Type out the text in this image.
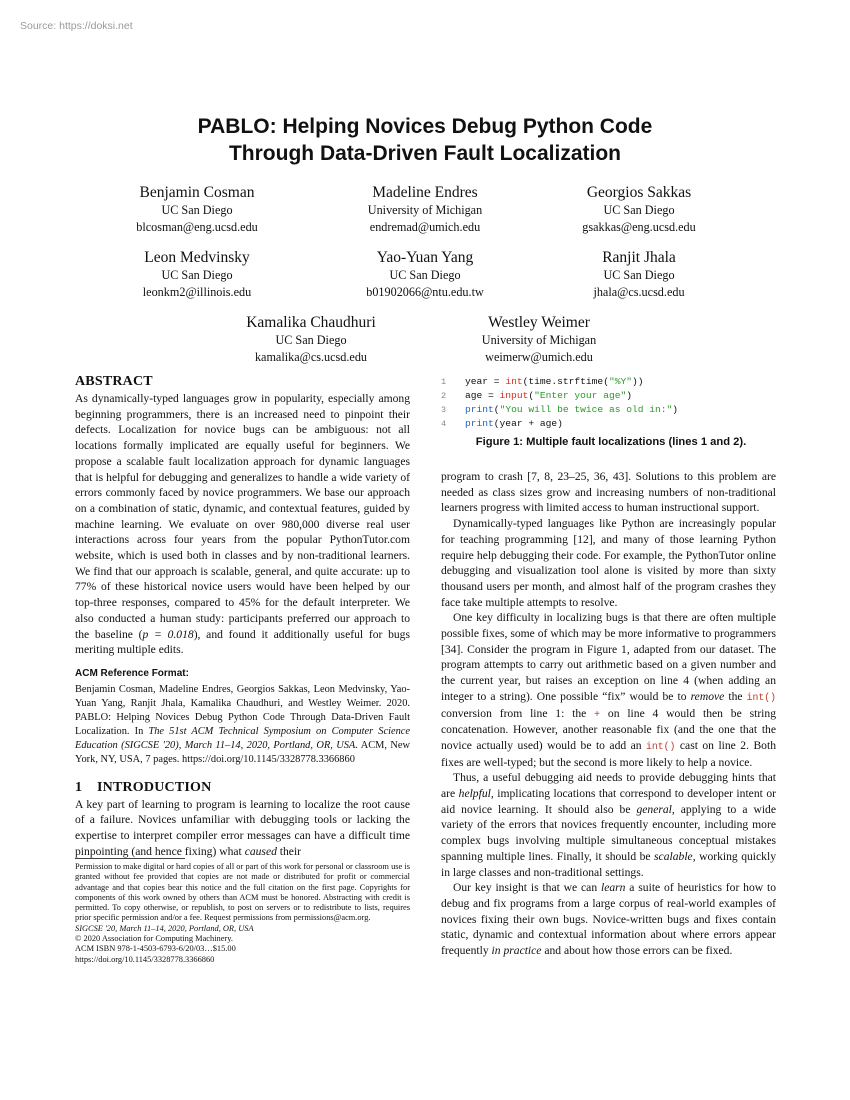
Source: https://doksi.net
PABLO: Helping Novices Debug Python Code
Through Data-Driven Fault Localization
Benjamin Cosman
UC San Diego
blcosman@eng.ucsd.edu
Madeline Endres
University of Michigan
endremad@umich.edu
Georgios Sakkas
UC San Diego
gsakkas@eng.ucsd.edu
Leon Medvinsky
UC San Diego
leonkm2@illinois.edu
Yao-Yuan Yang
UC San Diego
b01902066@ntu.edu.tw
Ranjit Jhala
UC San Diego
jhala@cs.ucsd.edu
Kamalika Chaudhuri
UC San Diego
kamalika@cs.ucsd.edu
Westley Weimer
University of Michigan
weimerw@umich.edu
ABSTRACT

As dynamically-typed languages grow in popularity, especially among beginning programmers, there is an increased need to pinpoint their defects. Localization for novice bugs can be ambiguous: not all locations formally implicated are equally useful for beginners. We propose a scalable fault localization approach for dynamic languages that is helpful for debugging and generalizes to handle a wide variety of errors commonly faced by novice programmers. We base our approach on a combination of static, dynamic, and contextual features, guided by machine learning. We evaluate on over 980,000 diverse real user interactions across four years from the popular PythonTutor.com website, which is used both in classes and by non-traditional learners. We find that our approach is scalable, general, and quite accurate: up to 77% of these historical novice users would have been helped by our top-three responses, compared to 45% for the default interpreter. We also conducted a human study: participants preferred our approach to the baseline (p = 0.018), and found it additionally useful for bugs meriting multiple edits.

ACM Reference Format:

Benjamin Cosman, Madeline Endres, Georgios Sakkas, Leon Medvinsky, Yao-Yuan Yang, Ranjit Jhala, Kamalika Chaudhuri, and Westley Weimer. 2020. PABLO: Helping Novices Debug Python Code Through Data-Driven Fault Localization. In The 51st ACM Technical Symposium on Computer Science Education (SIGCSE '20), March 11–14, 2020, Portland, OR, USA. ACM, New York, NY, USA, 7 pages. https://doi.org/10.1145/3328778.3366860

1 INTRODUCTION

A key part of learning to program is learning to localize the root cause of a failure. Novices unfamiliar with debugging tools or lacking the expertise to interpret compiler error messages can have a difficult time pinpointing (and hence fixing) what caused their

Permission to make digital or hard copies of all or part of this work for personal or classroom use is granted without fee provided that copies are not made or distributed for profit or commercial advantage and that copies bear this notice and the full citation on the first page. Copyrights for components of this work owned by others than ACM must be honored. Abstracting with credit is permitted. To copy otherwise, or republish, to post on servers or to redistribute to lists, requires prior specific permission and/or a fee. Request permissions from permissions@acm.org.

SIGCSE '20, March 11–14, 2020, Portland, OR, USA

© 2020 Association for Computing Machinery.

ACM ISBN 978-1-4503-6793-6/20/03…$15.00

https://doi.org/10.1145/3328778.3366860

1 year = int(time.strftime("%Y"))
2 age = input("Enter your age")
3 print("You will be twice as old in:")
4 print(year + age)
Figure 1: Multiple fault localizations (lines 1 and 2).

program to crash [7, 8, 23–25, 36, 43]. Solutions to this problem are needed as class sizes grow and increasing numbers of non-traditional learners progress with limited access to human instructional support.

Dynamically-typed languages like Python are increasingly popular for teaching programming [12], and many of those learning Python require help debugging their code. For example, the PythonTutor online debugging and visualization tool alone is visited by more than sixty thousand users per month, and almost half of the program crashes they face take multiple attempts to resolve.

One key difficulty in localizing bugs is that there are often multiple possible fixes, some of which may be more informative to programmers [34]. Consider the program in Figure 1, adapted from our dataset. The program attempts to carry out arithmetic based on a given number and the current year, but raises an exception on line 4 (when adding an integer to a string). One possible “fix” would be to remove the int() conversion from line 1: the + on line 4 would then be string concatenation. However, another reasonable fix (and the one that the novice actually used) would be to add an int() cast on line 2. Both fixes are well-typed; but the second is more likely to help a novice.

Thus, a useful debugging aid needs to provide debugging hints that are helpful, implicating locations that correspond to developer intent or aid novice learning. It should also be general, applying to a wide variety of the errors that novices frequently encounter, including more complex bugs involving multiple simultaneous conceptual mistakes spanning multiple lines. Finally, it should be scalable, working quickly in large classes and non-traditional settings.

Our key insight is that we can learn a suite of heuristics for how to debug and fix programs from a large corpus of real-world examples of novices fixing their own bugs. Novice-written bugs and fixes contain static, dynamic and contextual information about where errors appear frequently in practice and about how those errors can be fixed.
